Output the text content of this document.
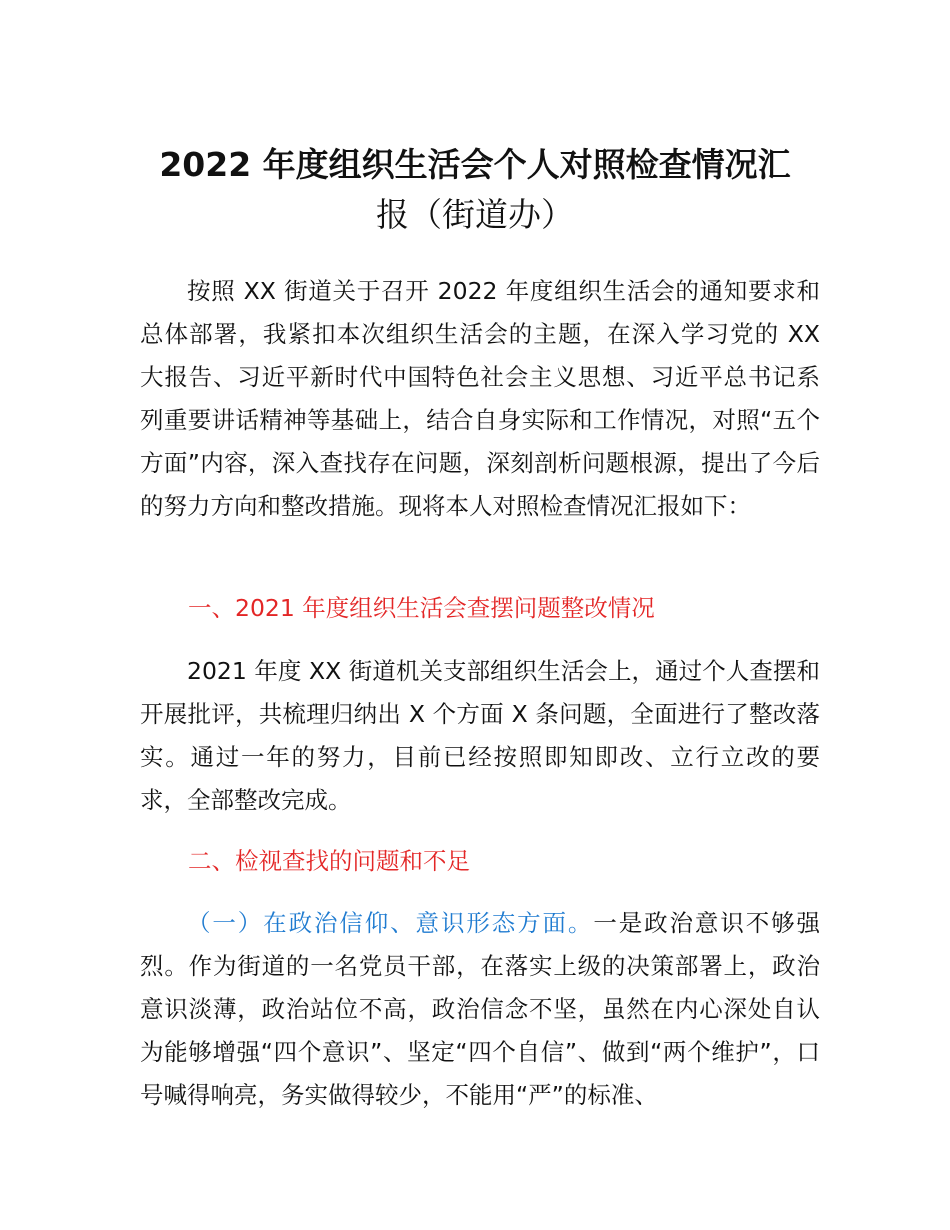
2022 年度组织生活会个人对照检查情况汇
报（街道办）

按照 XX 街道关于召开 2022 年度组织生活会的通知要求和总体部署，我紧扣本次组织生活会的主题，在深入学习党的 XX 大报告、习近平新时代中国特色社会主义思想、习近平总书记系列重要讲话精神等基础上，结合自身实际和工作情况，对照“五个方面”内容，深入查找存在问题，深刻剖析问题根源，提出了今后的努力方向和整改措施。现将本人对照检查情况汇报如下：

一、2021 年度组织生活会查摆问题整改情况

2021 年度 XX 街道机关支部组织生活会上，通过个人查摆和开展批评，共梳理归纳出 X 个方面 X 条问题，全面进行了整改落实。通过一年的努力，目前已经按照即知即改、立行立改的要求，全部整改完成。

二、检视查找的问题和不足

（一）在政治信仰、意识形态方面。一是政治意识不够强烈。作为街道的一名党员干部，在落实上级的决策部署上，政治意识淡薄，政治站位不高，政治信念不坚，虽然在内心深处自认为能够增强“四个意识”、坚定“四个自信”、做到“两个维护”，口号喊得响亮，务实做得较少，不能用“严”的标准、
